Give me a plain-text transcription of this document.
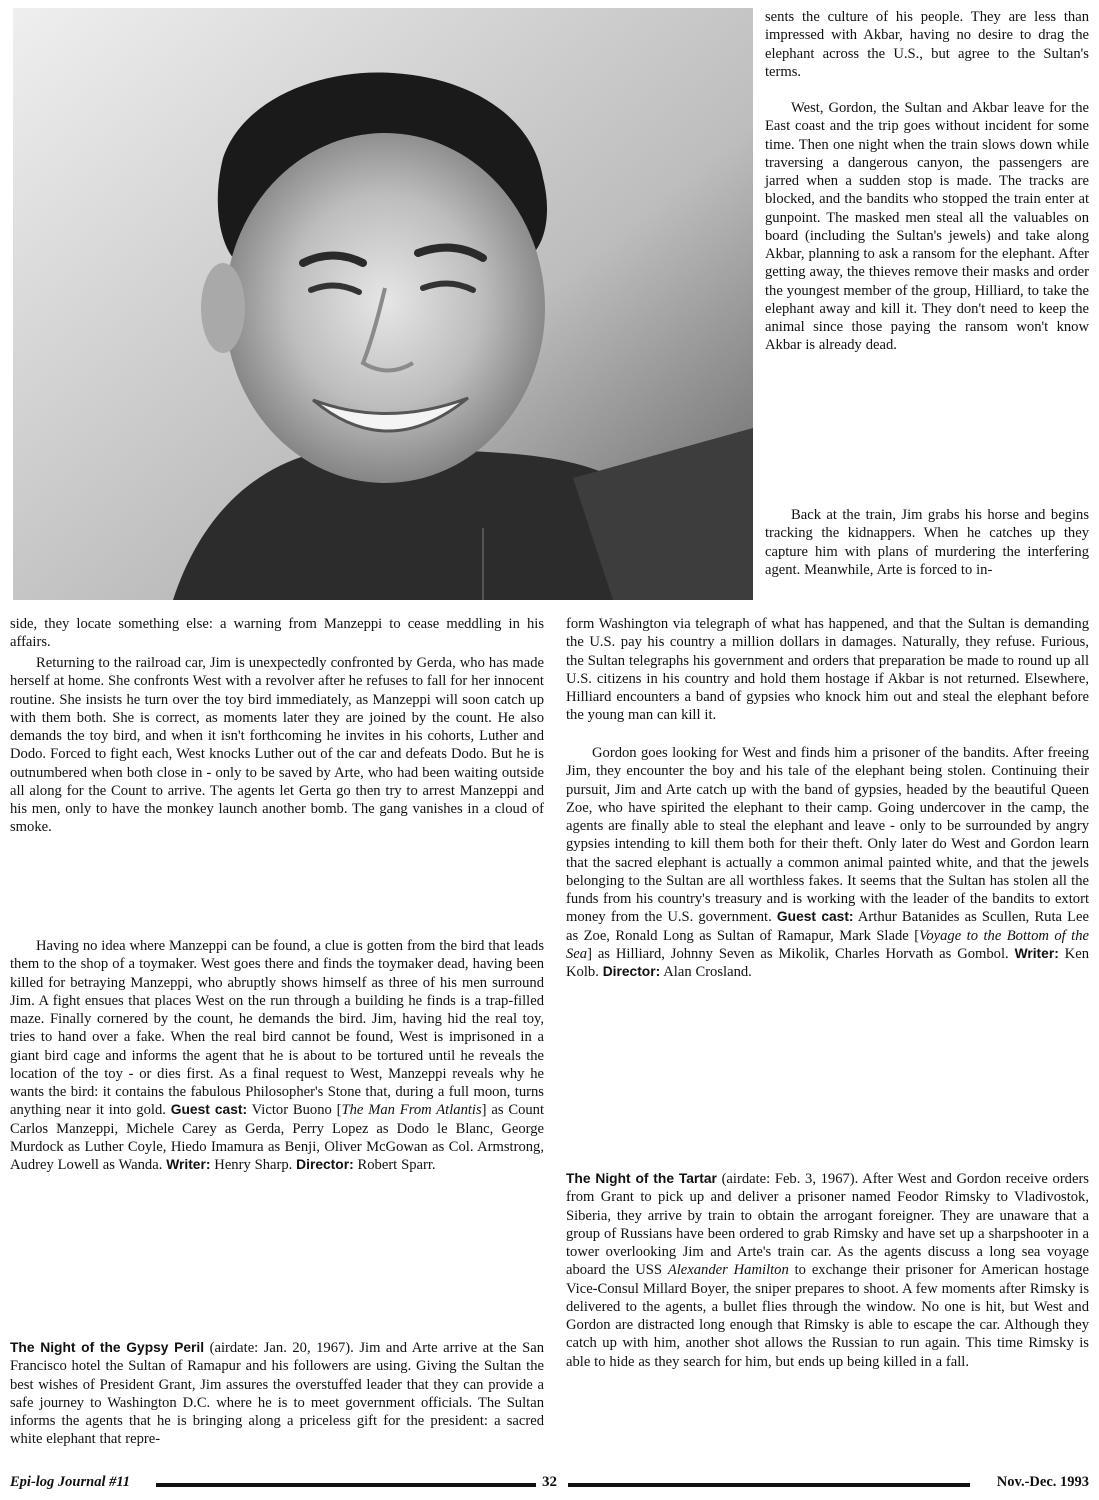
sents the culture of his people. They are less than impressed with Akbar, having no desire to drag the elephant across the U.S., but agree to the Sultan's terms.

West, Gordon, the Sultan and Akbar leave for the East coast and the trip goes without incident for some time. Then one night when the train slows down while traversing a dangerous canyon, the passengers are jarred when a sudden stop is made. The tracks are blocked, and the bandits who stopped the train enter at gunpoint. The masked men steal all the valuables on board (including the Sultan's jewels) and take along Akbar, planning to ask a ransom for the elephant. After getting away, the thieves remove their masks and order the youngest member of the group, Hilliard, to take the elephant away and kill it. They don't need to keep the animal since those paying the ransom won't know Akbar is already dead.

Back at the train, Jim grabs his horse and begins tracking the kidnappers. When he catches up they capture him with plans of murdering the interfering agent. Meanwhile, Arte is forced to in-

side, they locate something else: a warning from Manzeppi to cease meddling in his affairs.

Returning to the railroad car, Jim is unexpectedly confronted by Gerda, who has made herself at home. She confronts West with a revolver after he refuses to fall for her innocent routine. She insists he turn over the toy bird immediately, as Manzeppi will soon catch up with them both. She is correct, as moments later they are joined by the count. He also demands the toy bird, and when it isn't forthcoming he invites in his cohorts, Luther and Dodo. Forced to fight each, West knocks Luther out of the car and defeats Dodo. But he is outnumbered when both close in - only to be saved by Arte, who had been waiting outside all along for the Count to arrive. The agents let Gerta go then try to arrest Manzeppi and his men, only to have the monkey launch another bomb. The gang vanishes in a cloud of smoke.

Having no idea where Manzeppi can be found, a clue is gotten from the bird that leads them to the shop of a toymaker. West goes there and finds the toymaker dead, having been killed for betraying Manzeppi, who abruptly shows himself as three of his men surround Jim. A fight ensues that places West on the run through a building he finds is a trap-filled maze. Finally cornered by the count, he demands the bird. Jim, having hid the real toy, tries to hand over a fake. When the real bird cannot be found, West is imprisoned in a giant bird cage and informs the agent that he is about to be tortured until he reveals the location of the toy - or dies first. As a final request to West, Manzeppi reveals why he wants the bird: it contains the fabulous Philosopher's Stone that, during a full moon, turns anything near it into gold. Guest cast: Victor Buono [The Man From Atlantis] as Count Carlos Manzeppi, Michele Carey as Gerda, Perry Lopez as Dodo le Blanc, George Murdock as Luther Coyle, Hiedo Imamura as Benji, Oliver McGowan as Col. Armstrong, Audrey Lowell as Wanda. Writer: Henry Sharp. Director: Robert Sparr.

The Night of the Gypsy Peril (airdate: Jan. 20, 1967). Jim and Arte arrive at the San Francisco hotel the Sultan of Ramapur and his followers are using. Giving the Sultan the best wishes of President Grant, Jim assures the overstuffed leader that they can provide a safe journey to Washington D.C. where he is to meet government officials. The Sultan informs the agents that he is bringing along a priceless gift for the president: a sacred white elephant that repre-

form Washington via telegraph of what has happened, and that the Sultan is demanding the U.S. pay his country a million dollars in damages. Naturally, they refuse. Furious, the Sultan telegraphs his government and orders that preparation be made to round up all U.S. citizens in his country and hold them hostage if Akbar is not returned. Elsewhere, Hilliard encounters a band of gypsies who knock him out and steal the elephant before the young man can kill it.

Gordon goes looking for West and finds him a prisoner of the bandits. After freeing Jim, they encounter the boy and his tale of the elephant being stolen. Continuing their pursuit, Jim and Arte catch up with the band of gypsies, headed by the beautiful Queen Zoe, who have spirited the elephant to their camp. Going undercover in the camp, the agents are finally able to steal the elephant and leave - only to be surrounded by angry gypsies intending to kill them both for their theft. Only later do West and Gordon learn that the sacred elephant is actually a common animal painted white, and that the jewels belonging to the Sultan are all worthless fakes. It seems that the Sultan has stolen all the funds from his country's treasury and is working with the leader of the bandits to extort money from the U.S. government. Guest cast: Arthur Batanides as Scullen, Ruta Lee as Zoe, Ronald Long as Sultan of Ramapur, Mark Slade [Voyage to the Bottom of the Sea] as Hilliard, Johnny Seven as Mikolik, Charles Horvath as Gombol. Writer: Ken Kolb. Director: Alan Crosland.

The Night of the Tartar (airdate: Feb. 3, 1967). After West and Gordon receive orders from Grant to pick up and deliver a prisoner named Feodor Rimsky to Vladivostok, Siberia, they arrive by train to obtain the arrogant foreigner. They are unaware that a group of Russians have been ordered to grab Rimsky and have set up a sharpshooter in a tower overlooking Jim and Arte's train car. As the agents discuss a long sea voyage aboard the USS Alexander Hamilton to exchange their prisoner for American hostage Vice-Consul Millard Boyer, the sniper prepares to shoot. A few moments after Rimsky is delivered to the agents, a bullet flies through the window. No one is hit, but West and Gordon are distracted long enough that Rimsky is able to escape the car. Although they catch up with him, another shot allows the Russian to run again. This time Rimsky is able to hide as they search for him, but ends up being killed in a fall.

Epi-log Journal #11	32	Nov.-Dec. 1993
